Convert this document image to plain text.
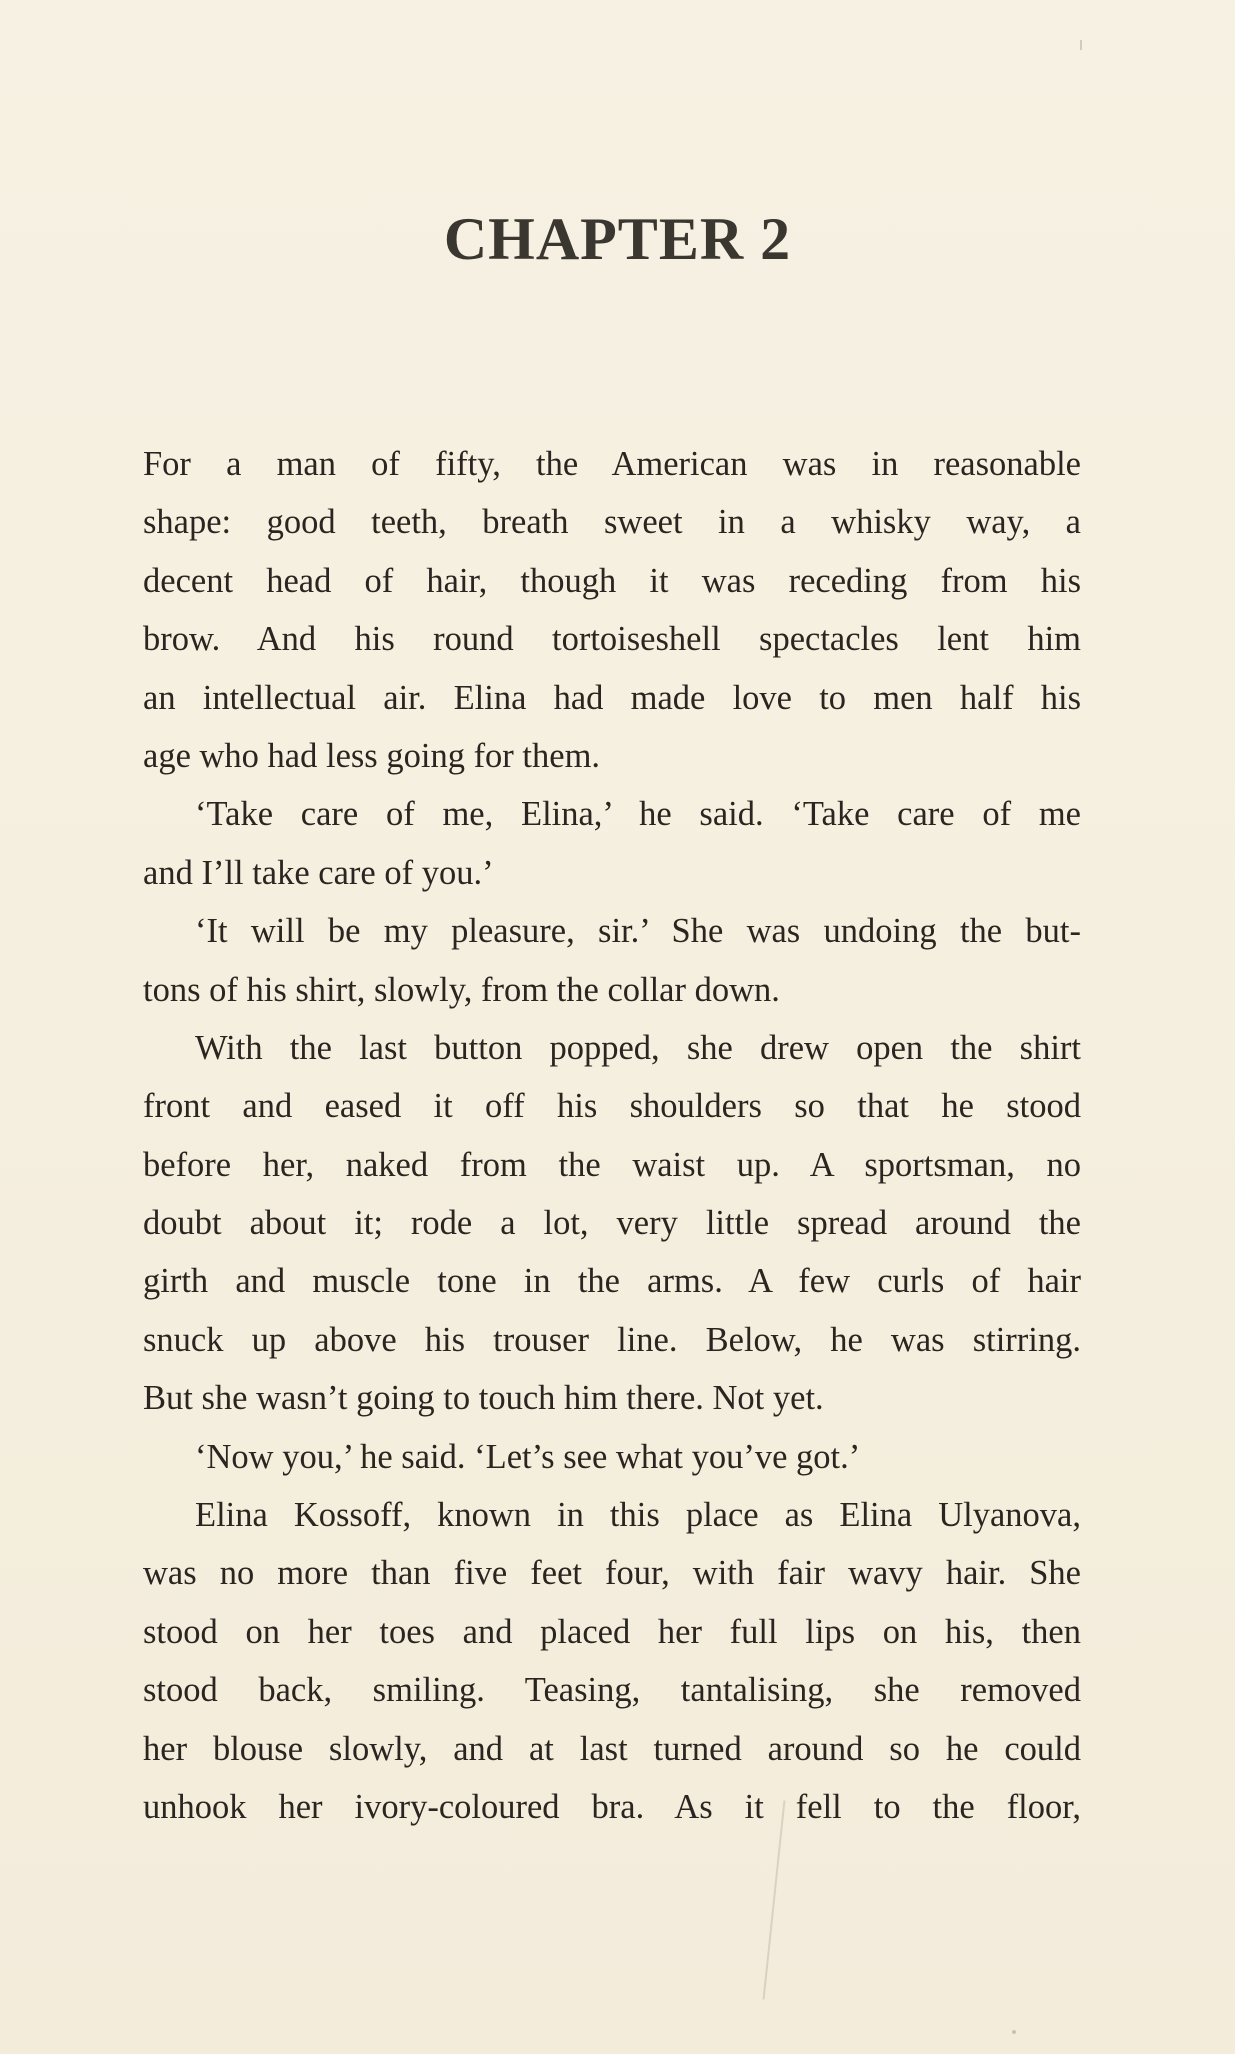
CHAPTER 2
For a man of fifty, the American was in reasonable
shape: good teeth, breath sweet in a whisky way, a
decent head of hair, though it was receding from his
brow. And his round tortoiseshell spectacles lent him
an intellectual air. Elina had made love to men half his
age who had less going for them.
‘Take care of me, Elina,’ he said. ‘Take care of me
and I’ll take care of you.’
‘It will be my pleasure, sir.’ She was undoing the but-
tons of his shirt, slowly, from the collar down.
With the last button popped, she drew open the shirt
front and eased it off his shoulders so that he stood
before her, naked from the waist up. A sportsman, no
doubt about it; rode a lot, very little spread around the
girth and muscle tone in the arms. A few curls of hair
snuck up above his trouser line. Below, he was stirring.
But she wasn’t going to touch him there. Not yet.
‘Now you,’ he said. ‘Let’s see what you’ve got.’
Elina Kossoff, known in this place as Elina Ulyanova,
was no more than five feet four, with fair wavy hair. She
stood on her toes and placed her full lips on his, then
stood back, smiling. Teasing, tantalising, she removed
her blouse slowly, and at last turned around so he could
unhook her ivory-coloured bra. As it fell to the floor,
